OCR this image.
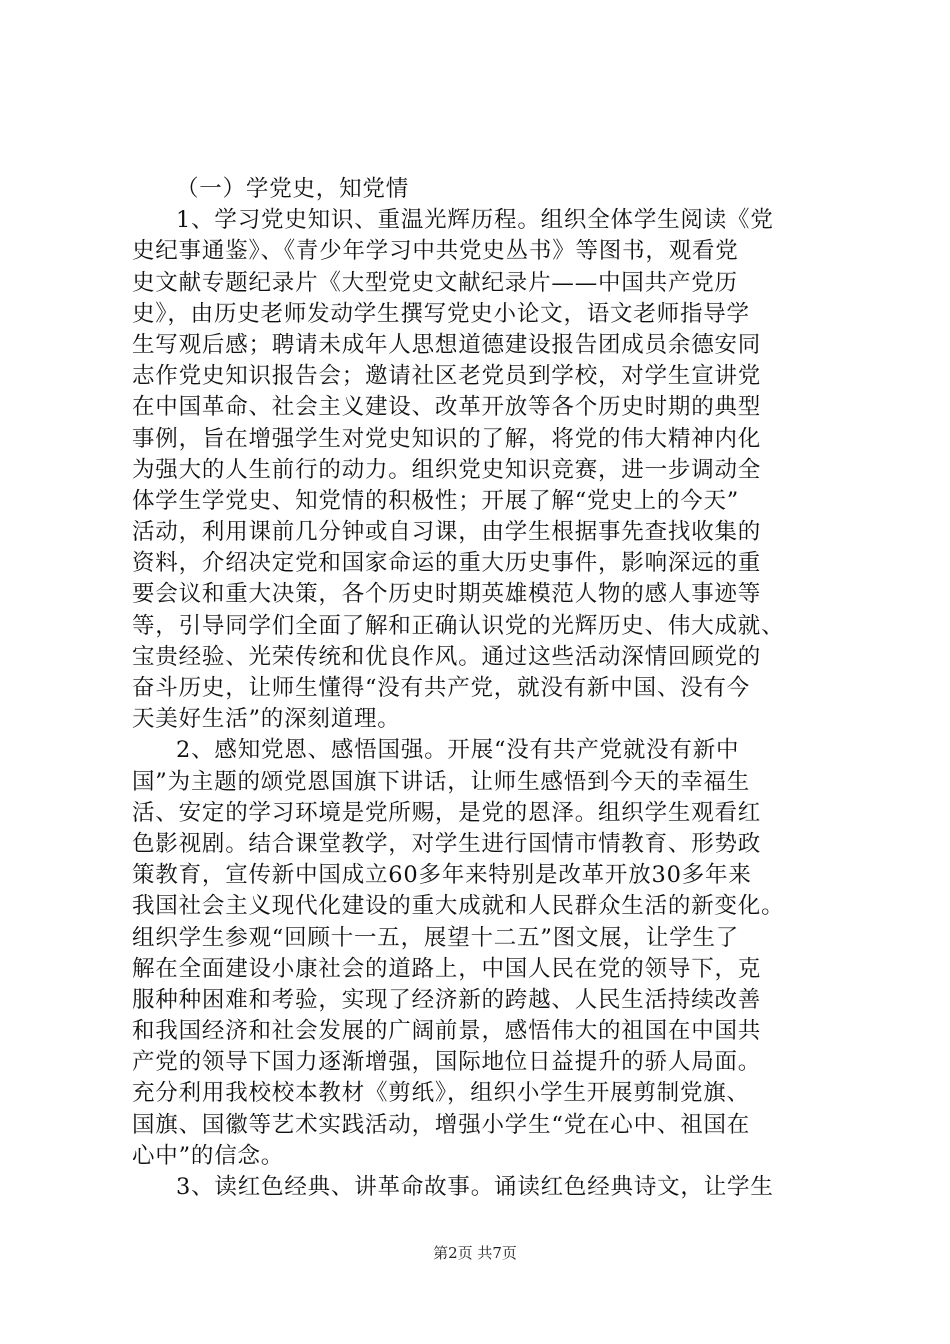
（一）学党史，知党情
1、学习党史知识、重温光辉历程。组织全体学生阅读《党
史纪事通鉴》、《青少年学习中共党史丛书》等图书，观看党
史文献专题纪录片《大型党史文献纪录片——中国共产党历
史》，由历史老师发动学生撰写党史小论文，语文老师指导学
生写观后感；聘请未成年人思想道德建设报告团成员余德安同
志作党史知识报告会；邀请社区老党员到学校，对学生宣讲党
在中国革命、社会主义建设、改革开放等各个历史时期的典型
事例，旨在增强学生对党史知识的了解，将党的伟大精神内化
为强大的人生前行的动力。组织党史知识竞赛，进一步调动全
体学生学党史、知党情的积极性；开展了解“党史上的今天”
活动，利用课前几分钟或自习课，由学生根据事先查找收集的
资料，介绍决定党和国家命运的重大历史事件，影响深远的重
要会议和重大决策，各个历史时期英雄模范人物的感人事迹等
等，引导同学们全面了解和正确认识党的光辉历史、伟大成就、
宝贵经验、光荣传统和优良作风。通过这些活动深情回顾党的
奋斗历史，让师生懂得“没有共产党，就没有新中国、没有今
天美好生活”的深刻道理。
2、感知党恩、感悟国强。开展“没有共产党就没有新中
国”为主题的颂党恩国旗下讲话，让师生感悟到今天的幸福生
活、安定的学习环境是党所赐，是党的恩泽。组织学生观看红
色影视剧。结合课堂教学，对学生进行国情市情教育、形势政
策教育，宣传新中国成立60多年来特别是改革开放30多年来
我国社会主义现代化建设的重大成就和人民群众生活的新变化。
组织学生参观“回顾十一五，展望十二五”图文展，让学生了
解在全面建设小康社会的道路上，中国人民在党的领导下，克
服种种困难和考验，实现了经济新的跨越、人民生活持续改善
和我国经济和社会发展的广阔前景，感悟伟大的祖国在中国共
产党的领导下国力逐渐增强，国际地位日益提升的骄人局面。
充分利用我校校本教材《剪纸》，组织小学生开展剪制党旗、
国旗、国徽等艺术实践活动，增强小学生“党在心中、祖国在
心中”的信念。
3、读红色经典、讲革命故事。诵读红色经典诗文，让学生
第2页 共7页
